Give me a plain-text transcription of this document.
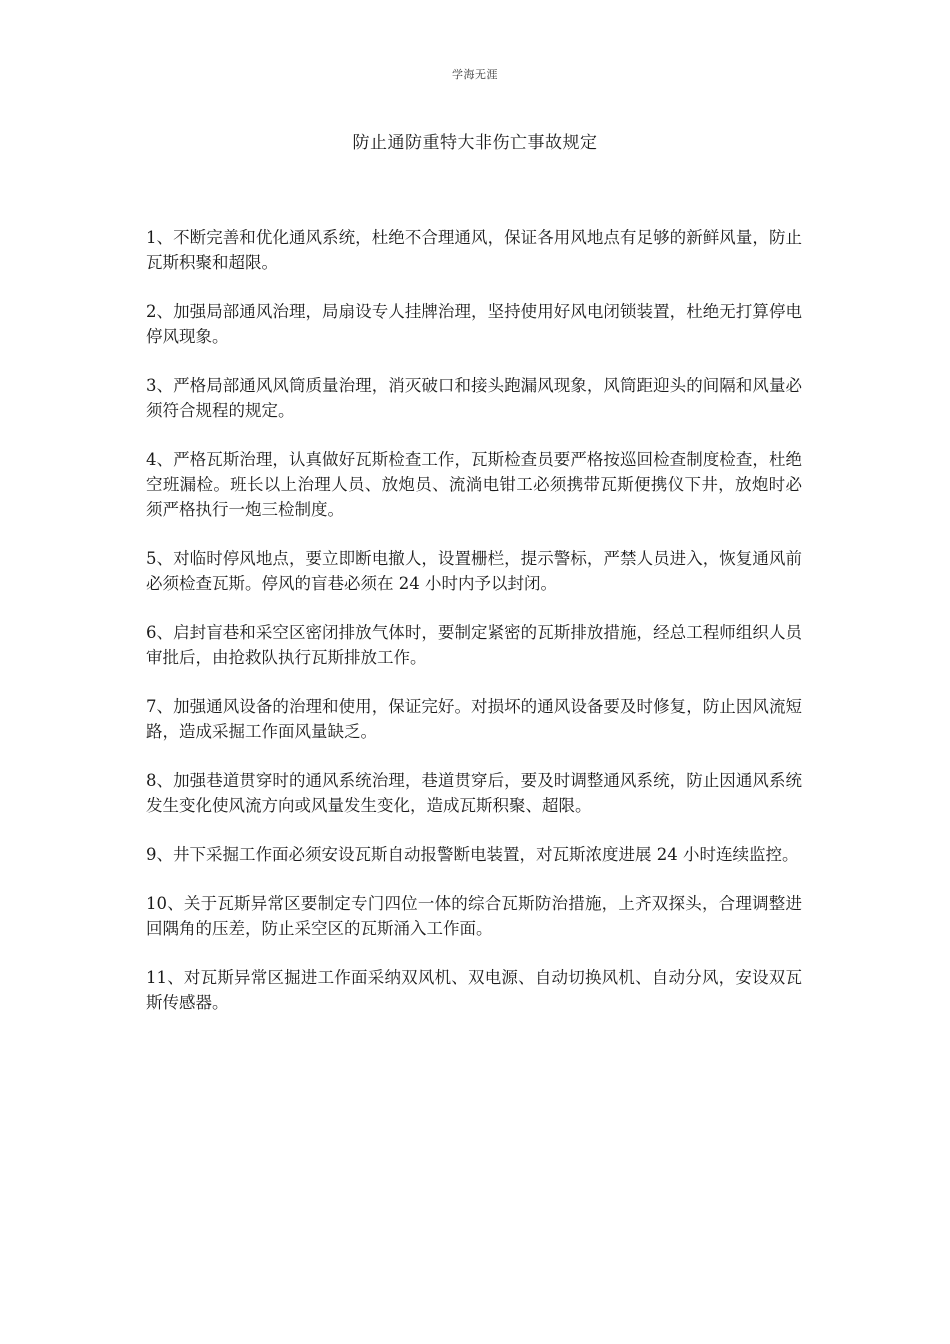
学海无涯
防止通防重特大非伤亡事故规定

1、不断完善和优化通风系统，杜绝不合理通风，保证各用风地点有足够的新鲜风量，防止瓦斯积聚和超限。

2、加强局部通风治理，局扇设专人挂牌治理，坚持使用好风电闭锁装置，杜绝无打算停电停风现象。

3、严格局部通风风筒质量治理，消灭破口和接头跑漏风现象，风筒距迎头的间隔和风量必须符合规程的规定。

4、严格瓦斯治理，认真做好瓦斯检查工作，瓦斯检查员要严格按巡回检查制度检查，杜绝空班漏检。班长以上治理人员、放炮员、流淌电钳工必须携带瓦斯便携仪下井，放炮时必须严格执行一炮三检制度。

5、对临时停风地点，要立即断电撤人，设置栅栏，提示警标，严禁人员进入，恢复通风前必须检查瓦斯。停风的盲巷必须在 24 小时内予以封闭。

6、启封盲巷和采空区密闭排放气体时，要制定紧密的瓦斯排放措施，经总工程师组织人员审批后，由抢救队执行瓦斯排放工作。

7、加强通风设备的治理和使用，保证完好。对损坏的通风设备要及时修复，防止因风流短路，造成采掘工作面风量缺乏。

8、加强巷道贯穿时的通风系统治理，巷道贯穿后，要及时调整通风系统，防止因通风系统发生变化使风流方向或风量发生变化，造成瓦斯积聚、超限。

9、井下采掘工作面必须安设瓦斯自动报警断电装置，对瓦斯浓度进展 24 小时连续监控。

10、关于瓦斯异常区要制定专门四位一体的综合瓦斯防治措施，上齐双探头，合理调整进回隅角的压差，防止采空区的瓦斯涌入工作面。

11、对瓦斯异常区掘进工作面采纳双风机、双电源、自动切换风机、自动分风，安设双瓦斯传感器。
